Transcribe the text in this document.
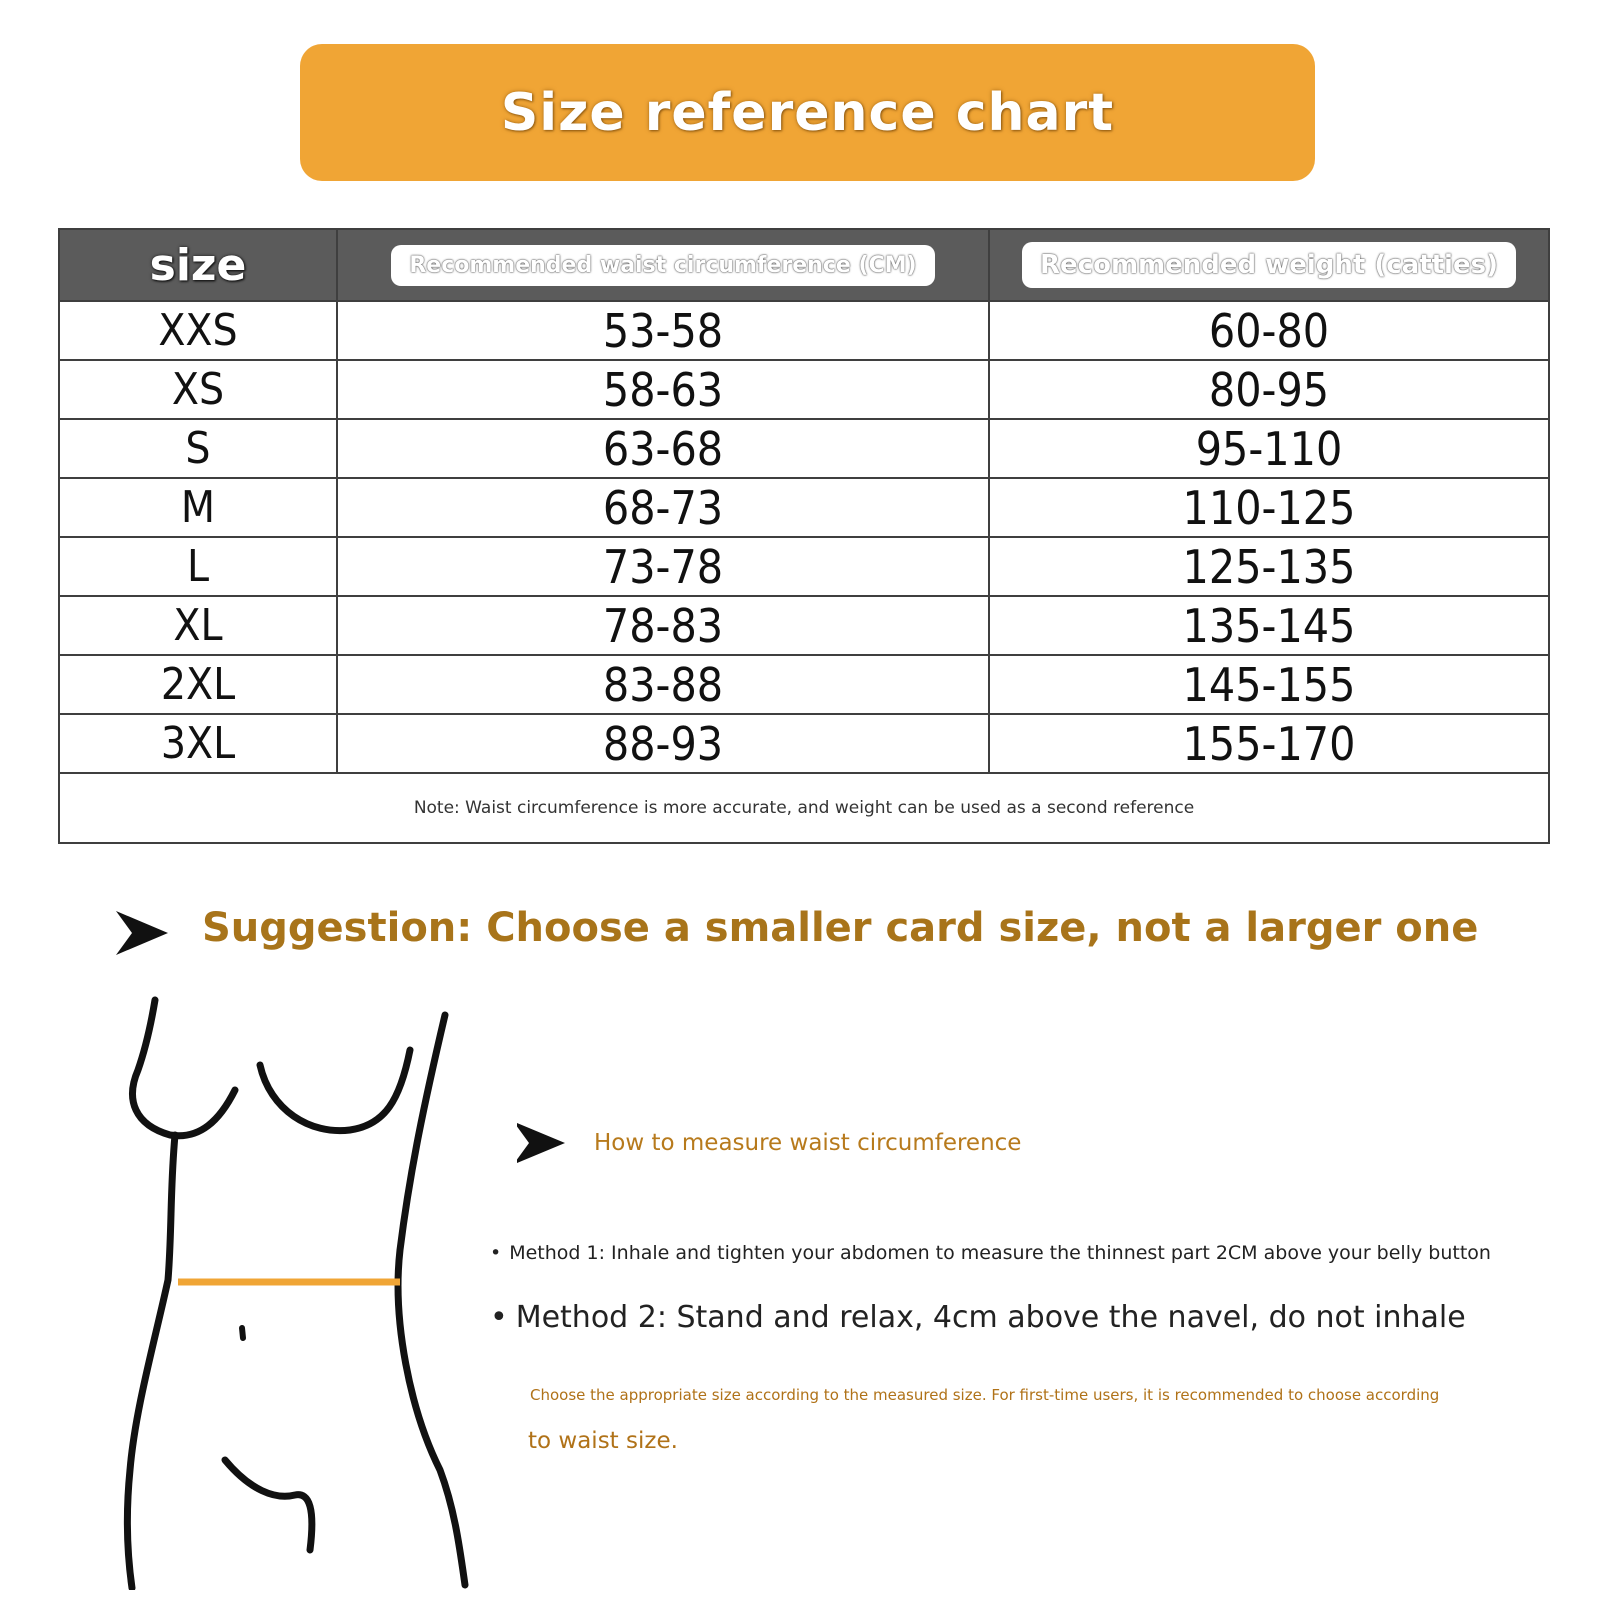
Size reference chart
size	Recommended waist circumference (CM)	Recommended weight (catties)
XXS	53-58	60-80
XS	58-63	80-95
S	63-68	95-110
M	68-73	110-125
L	73-78	125-135
XL	78-83	135-145
2XL	83-88	145-155
3XL	88-93	155-170
Note: Waist circumference is more accurate, and weight can be used as a second reference		
Suggestion: Choose a smaller card size, not a larger one
How to measure waist circumference
• Method 1: Inhale and tighten your abdomen to measure the thinnest part 2CM above your belly button
• Method 2: Stand and relax, 4cm above the navel, do not inhale
Choose the appropriate size according to the measured size. For first-time users, it is recommended to choose according
to waist size.
